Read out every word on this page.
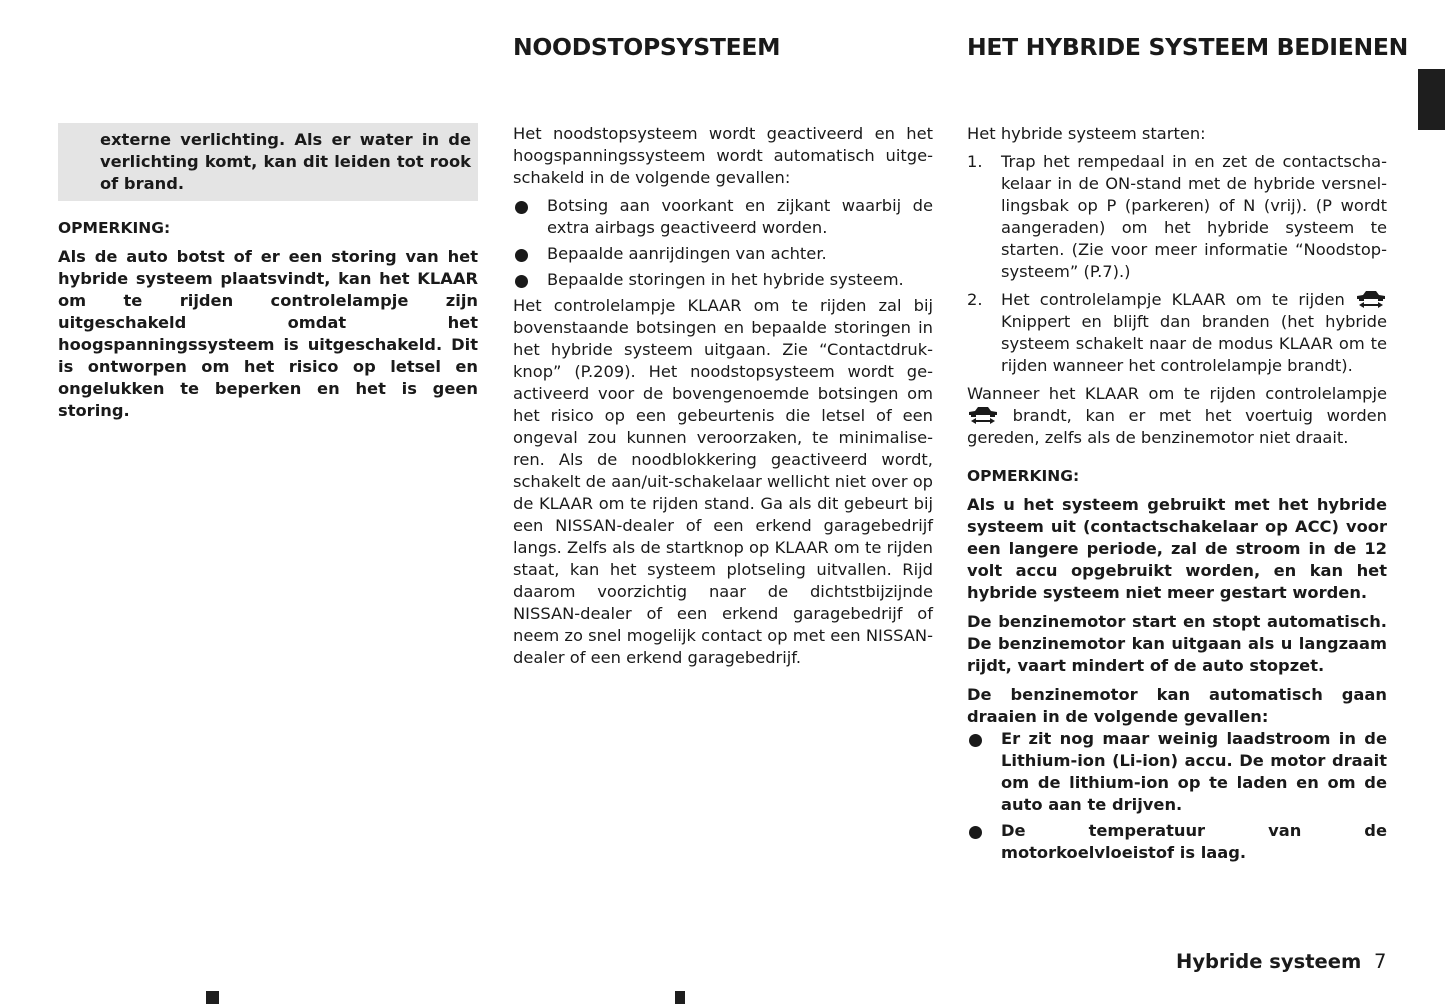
NOODSTOPSYSTEEM	HET HYBRIDE SYSTEEM BEDIENEN

externe verlichting. Als er water in de verlichting komt, kan dit leiden tot rook of brand.

OPMERKING:

Als de auto botst of er een storing van het hybride systeem plaatsvindt, kan het KLAAR om te rijden controlelampje zijn uitgeschakeld omdat het hoogspanningssysteem is uitgeschakeld. Dit is ontworpen om het risico op letsel en ongelukken te beperken en het is geen storing.

Het noodstopsysteem wordt geactiveerd en het hoogspanningssysteem wordt automatisch uitgeschakeld in de volgende gevallen:

Botsing aan voorkant en zijkant waarbij de extra airbags geactiveerd worden.
Bepaalde aanrijdingen van achter.
Bepaalde storingen in het hybride systeem.

Het controlelampje KLAAR om te rijden zal bij bovenstaande botsingen en bepaalde storingen in het hybride systeem uitgaan. Zie “Contactdrukknop” (P.209). Het noodstopsysteem wordt geactiveerd voor de bovengenoemde botsingen om het risico op een gebeurtenis die letsel of een ongeval zou kunnen veroorzaken, te minimaliseren. Als de noodblokkering geactiveerd wordt, schakelt de aan/uit-schakelaar wellicht niet over op de KLAAR om te rijden stand. Ga als dit gebeurt bij een NISSAN-dealer of een erkend garagebedrijf langs. Zelfs als de startknop op KLAAR om te rijden staat, kan het systeem plotseling uitvallen. Rijd daarom voorzichtig naar de dichtstbijzijnde NISSAN-dealer of een erkend garagebedrijf of neem zo snel mogelijk contact op met een NISSAN-dealer of een erkend garagebedrijf.

Het hybride systeem starten:

1. Trap het rempedaal in en zet de contactschakelaar in de ON-stand met de hybride versnellingsbak op P (parkeren) of N (vrij). (P wordt aangeraden) om het hybride systeem te starten. (Zie voor meer informatie “Noodstopsysteem” (P.7).)
2. Het controlelampje KLAAR om te rijden  Knippert en blijft dan branden (het hybride systeem schakelt naar de modus KLAAR om te rijden wanneer het controlelampje brandt).

Wanneer het KLAAR om te rijden controlelampje  brandt, kan er met het voertuig worden gereden, zelfs als de benzinemotor niet draait.

OPMERKING:

Als u het systeem gebruikt met het hybride systeem uit (contactschakelaar op ACC) voor een langere periode, zal de stroom in de 12 volt accu opgebruikt worden, en kan het hybride systeem niet meer gestart worden.

De benzinemotor start en stopt automatisch. De benzinemotor kan uitgaan als u langzaam rijdt, vaart mindert of de auto stopzet.

De benzinemotor kan automatisch gaan draaien in de volgende gevallen:

Er zit nog maar weinig laadstroom in de Lithium-ion (Li-ion) accu. De motor draait om de lithium-ion op te laden en om de auto aan te drijven.
De temperatuur van de motorkoelvloeistof is laag.
Hybride systeem 7
